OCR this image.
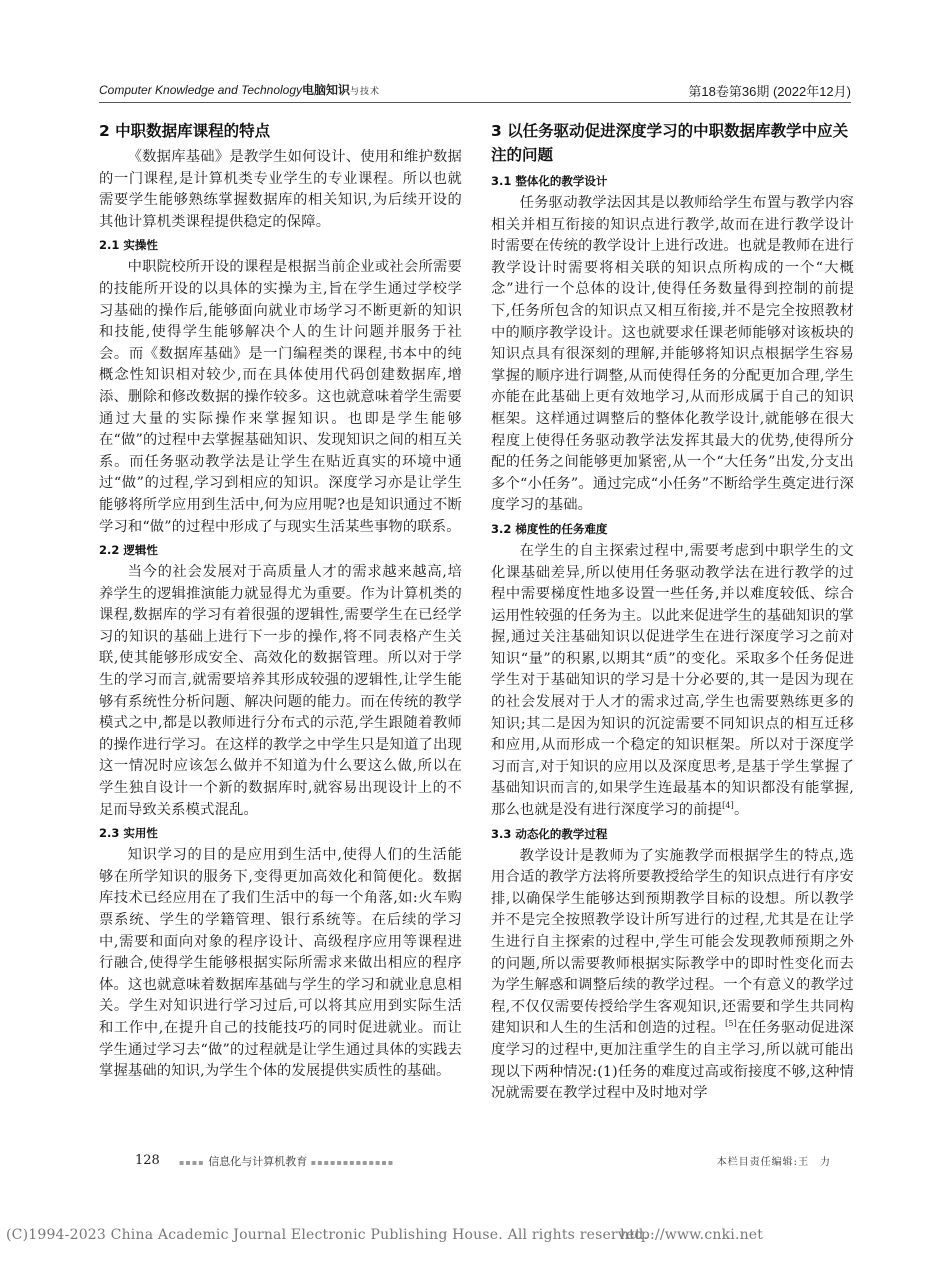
Computer Knowledge and Technology电脑知识与技术	第18卷第36期 (2022年12月)
2 中职数据库课程的特点

《数据库基础》是教学生如何设计、使用和维护数据的一门课程,是计算机类专业学生的专业课程。所以也就需要学生能够熟练掌握数据库的相关知识,为后续开设的其他计算机类课程提供稳定的保障。

2.1 实操性

中职院校所开设的课程是根据当前企业或社会所需要的技能所开设的以具体的实操为主,旨在学生通过学校学习基础的操作后,能够面向就业市场学习不断更新的知识和技能,使得学生能够解决个人的生计问题并服务于社会。而《数据库基础》是一门编程类的课程,书本中的纯概念性知识相对较少,而在具体使用代码创建数据库,增添、删除和修改数据的操作较多。这也就意味着学生需要通过大量的实际操作来掌握知识。也即是学生能够在“做”的过程中去掌握基础知识、发现知识之间的相互关系。而任务驱动教学法是让学生在贴近真实的环境中通过“做”的过程,学习到相应的知识。深度学习亦是让学生能够将所学应用到生活中,何为应用呢?也是知识通过不断学习和“做”的过程中形成了与现实生活某些事物的联系。

2.2 逻辑性

当今的社会发展对于高质量人才的需求越来越高,培养学生的逻辑推演能力就显得尤为重要。作为计算机类的课程,数据库的学习有着很强的逻辑性,需要学生在已经学习的知识的基础上进行下一步的操作,将不同表格产生关联,使其能够形成安全、高效化的数据管理。所以对于学生的学习而言,就需要培养其形成较强的逻辑性,让学生能够有系统性分析问题、解决问题的能力。而在传统的教学模式之中,都是以教师进行分布式的示范,学生跟随着教师的操作进行学习。在这样的教学之中学生只是知道了出现这一情况时应该怎么做并不知道为什么要这么做,所以在学生独自设计一个新的数据库时,就容易出现设计上的不足而导致关系模式混乱。

2.3 实用性

知识学习的目的是应用到生活中,使得人们的生活能够在所学知识的服务下,变得更加高效化和简便化。数据库技术已经应用在了我们生活中的每一个角落,如:火车购票系统、学生的学籍管理、银行系统等。在后续的学习中,需要和面向对象的程序设计、高级程序应用等课程进行融合,使得学生能够根据实际所需求来做出相应的程序体。这也就意味着数据库基础与学生的学习和就业息息相关。学生对知识进行学习过后,可以将其应用到实际生活和工作中,在提升自己的技能技巧的同时促进就业。而让学生通过学习去“做”的过程就是让学生通过具体的实践去掌握基础的知识,为学生个体的发展提供实质性的基础。

3 以任务驱动促进深度学习的中职数据库教学中应关注的问题
3.1 整体化的教学设计

任务驱动教学法因其是以教师给学生布置与教学内容相关并相互衔接的知识点进行教学,故而在进行教学设计时需要在传统的教学设计上进行改进。也就是教师在进行教学设计时需要将相关联的知识点所构成的一个“大概念”进行一个总体的设计,使得任务数量得到控制的前提下,任务所包含的知识点又相互衔接,并不是完全按照教材中的顺序教学设计。这也就要求任课老师能够对该板块的知识点具有很深刻的理解,并能够将知识点根据学生容易掌握的顺序进行调整,从而使得任务的分配更加合理,学生亦能在此基础上更有效地学习,从而形成属于自己的知识框架。这样通过调整后的整体化教学设计,就能够在很大程度上使得任务驱动教学法发挥其最大的优势,使得所分配的任务之间能够更加紧密,从一个“大任务”出发,分支出多个“小任务”。通过完成“小任务”不断给学生奠定进行深度学习的基础。

3.2 梯度性的任务难度

在学生的自主探索过程中,需要考虑到中职学生的文化课基础差异,所以使用任务驱动教学法在进行教学的过程中需要梯度性地多设置一些任务,并以难度较低、综合运用性较强的任务为主。以此来促进学生的基础知识的掌握,通过关注基础知识以促进学生在进行深度学习之前对知识“量”的积累,以期其“质”的变化。采取多个任务促进学生对于基础知识的学习是十分必要的,其一是因为现在的社会发展对于人才的需求过高,学生也需要熟练更多的知识;其二是因为知识的沉淀需要不同知识点的相互迁移和应用,从而形成一个稳定的知识框架。所以对于深度学习而言,对于知识的应用以及深度思考,是基于学生掌握了基础知识而言的,如果学生连最基本的知识都没有能掌握,那么也就是没有进行深度学习的前提[4]。

3.3 动态化的教学过程

教学设计是教师为了实施教学而根据学生的特点,选用合适的教学方法将所要教授给学生的知识点进行有序安排,以确保学生能够达到预期教学目标的设想。所以教学并不是完全按照教学设计所写进行的过程,尤其是在让学生进行自主探索的过程中,学生可能会发现教师预期之外的问题,所以需要教师根据实际教学中的即时性变化而去为学生解惑和调整后续的教学过程。一个有意义的教学过程,不仅仅需要传授给学生客观知识,还需要和学生共同构建知识和人生的生活和创造的过程。[5]在任务驱动促进深度学习的过程中,更加注重学生的自主学习,所以就可能出现以下两种情况:(1)任务的难度过高或衔接度不够,这种情况就需要在教学过程中及时地对学

128 ▪▪▪▪ 信息化与计算机教育 ▪▪▪▪▪▪▪▪▪▪▪▪▪	本栏目责任编辑:王　力
(C)1994-2023 China Academic Journal Electronic Publishing House. All rights reserved.
http://www.cnki.net
